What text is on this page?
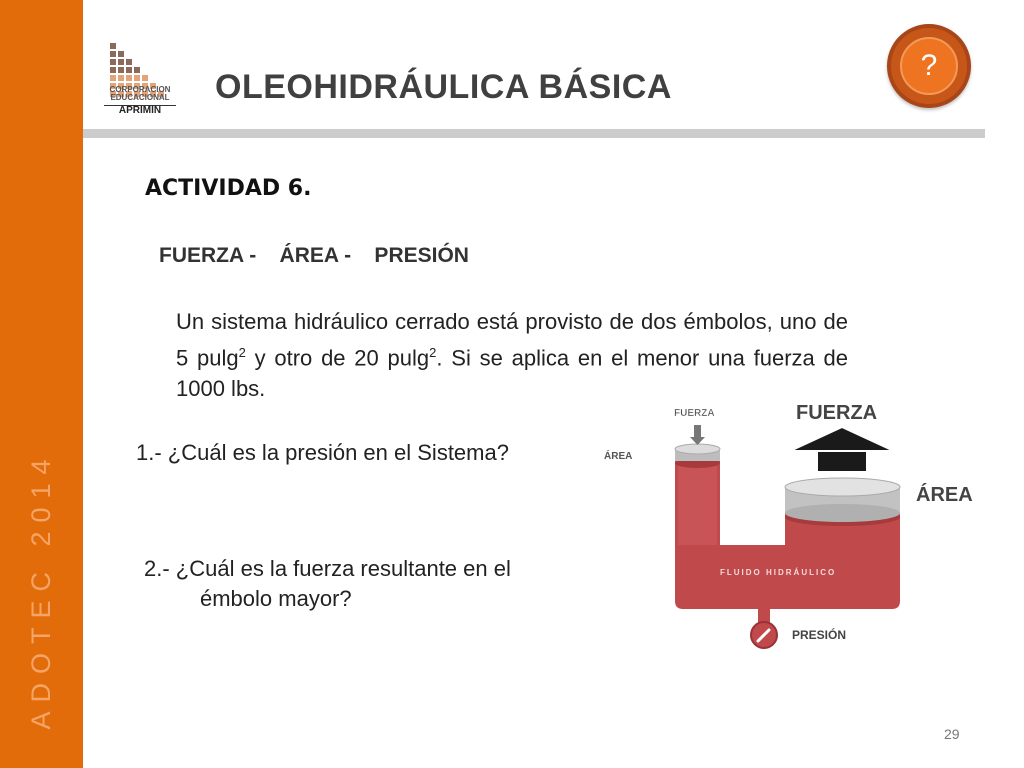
ADOTEC 2014
CORPORACION
EDUCACIONAL
APRIMIN
OLEOHIDRÁULICA BÁSICA
?
ACTIVIDAD 6.
FUERZA -    ÁREA -    PRESIÓN
Un sistema hidráulico cerrado está provisto de dos émbolos, uno de 5 pulg$^2$ y otro de 20 pulg$^2$. Si se aplica en el menor una fuerza de 1000 lbs.
1.- ¿Cuál es la presión en el Sistema?
2.- ¿Cuál es la fuerza resultante en el
émbolo mayor?
FUERZA
ÁREA
FUERZA
ÁREA
FLUIDO HIDRÁULICO
PRESIÓN
29
